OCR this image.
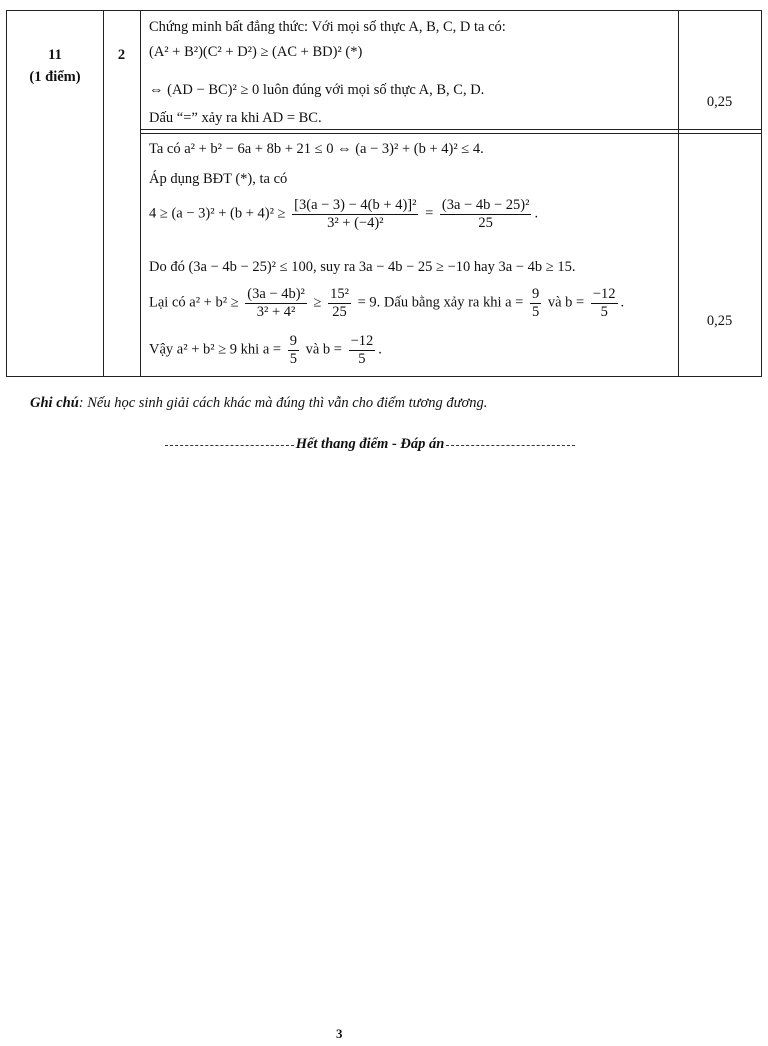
11
(1 điểm)
2
0,25
0,25
Chứng minh bất đẳng thức: Với mọi số thực A, B, C, D ta có:
(A² + B²)(C² + D²) ≥ (AC + BD)² (*)
⇔ (AD − BC)² ≥ 0 luôn đúng với mọi số thực A, B, C, D.
Dấu “=” xảy ra khi AD = BC.
Ta có a² + b² − 6a + 8b + 21 ≤ 0 ⇔ (a − 3)² + (b + 4)² ≤ 4.
Áp dụng BĐT (*), ta có
$4 \ge (a - 3)^2 + (b + 4)^2 \ge \frac{\text{[3(a − 3) − 4(b + 4)]²}}{\text{3² + (−4)²}} = \frac{\text{(3a − 4b − 25)²}}{25}$ .
Do đó (3a − 4b − 25)² ≤ 100, suy ra 3a − 4b − 25 ≥ −10 hay 3a − 4b ≥ 15.
Lại có $a^2 + b^2 \ge \frac{\text{(3a − 4b)²}}{\text{3² + 4²}} \ge \frac{\text{15²}}{25} = 9$. Dấu bằng xảy ra khi $a = \frac{9}{5}$ và $b = \frac{-12}{5}$ .
Vậy a² + b² ≥ 9 khi $a = \frac{9}{5}$ và $b = \frac{-12}{5}$ .
Ghi chú: Nếu học sinh giải cách khác mà đúng thì vẫn cho điểm tương đương.
Hết thang điểm - Đáp án
3
